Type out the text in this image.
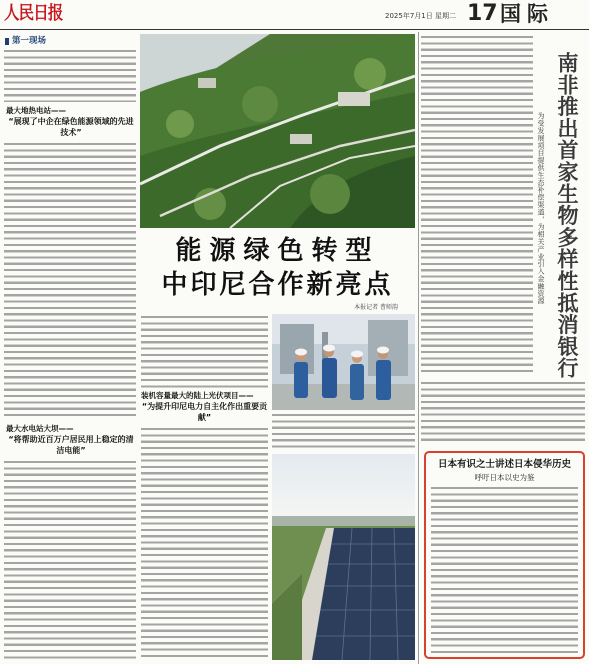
人民日报	2025年7月1日 星期二 17 国际
第一现场
最大地热电站——
“展现了中企在绿色能源领域的先进技术”
最大水电站大坝——
“将帮助近百万户居民用上稳定的清洁电能”
能源绿色转型
中印尼合作新亮点
本报记者 曹师韵
装机容量最大的陆上光伏项目——
“为提升印尼电力自主化作出重要贡献”
为受发展项目提供生态补偿渠道，为相关产业引入金融资源 南非推出首家生物多样性抵消银行
日本有识之士讲述日本侵华历史
呼吁日本以史为鉴
